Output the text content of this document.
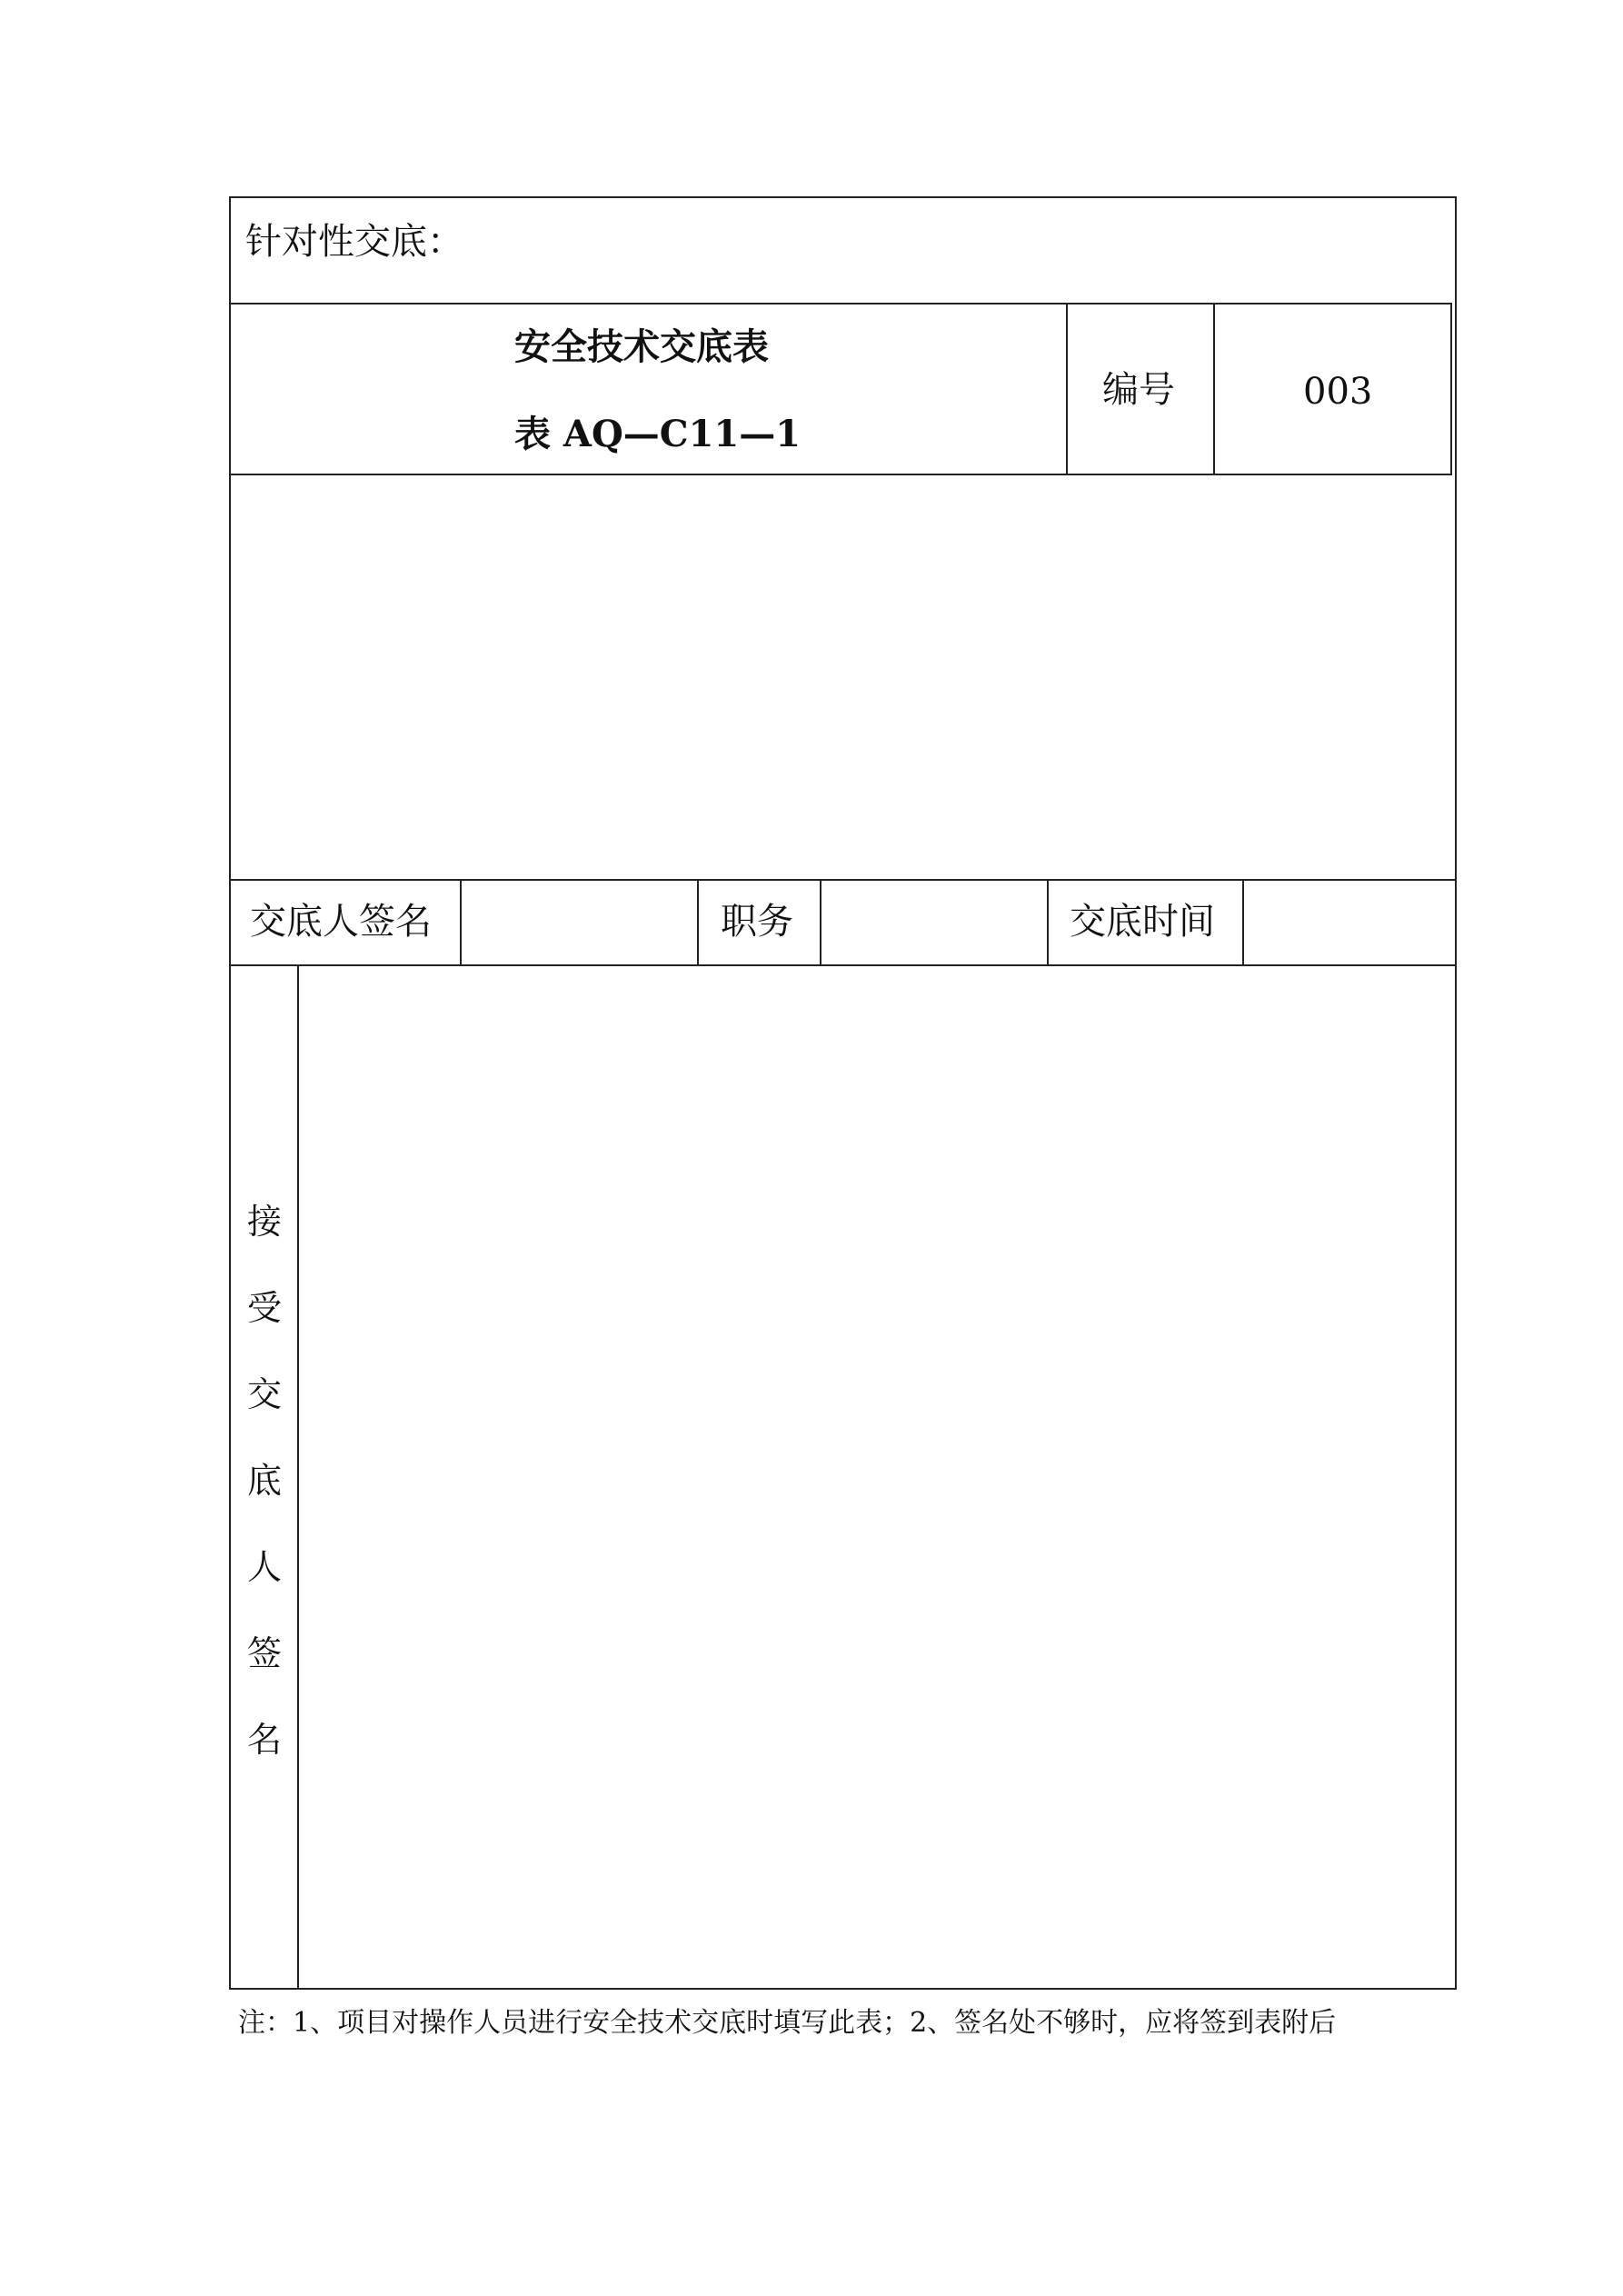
针对性交底：
安全技术交底表
表 AQ—C11—1
编号	003
交底人签名	职务	交底时间
接
受
交
底
人
签
名
注：1、项目对操作人员进行安全技术交底时填写此表；2、签名处不够时，应将签到表附后
